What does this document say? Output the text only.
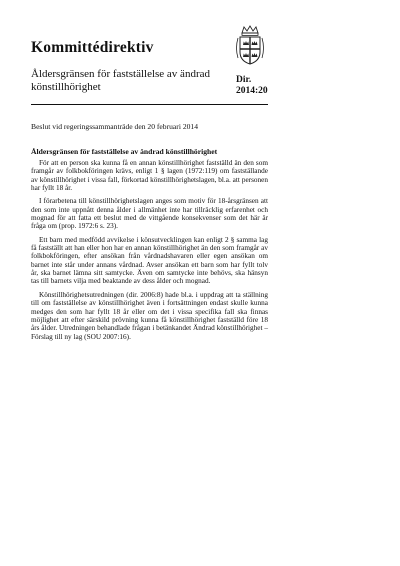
Kommittédirektiv
Åldersgränsen för fastställelse av ändrad
könstillhörighet
Dir.
2014:20
Beslut vid regeringssammanträde den 20 februari 2014
Åldersgränsen för fastställelse av ändrad könstillhörighet

För att en person ska kunna få en annan könstillhörighet fastställd än den som framgår av folkbokföringen krävs, enligt 1 § lagen (1972:119) om fastställande av könstillhörighet i vissa fall, förkortad könstillhörighetslagen, bl.a. att personen har fyllt 18 år.

I förarbetena till könstillhörighetslagen anges som motiv för 18-årsgränsen att den som inte uppnått denna ålder i allmänhet inte har tillräcklig erfarenhet och mognad för att fatta ett beslut med de vittgående konsekvenser som det här är fråga om (prop. 1972:6 s. 23).

Ett barn med medfödd avvikelse i könsutvecklingen kan enligt 2 § samma lag få fastställt att han eller hon har en annan könstillhörighet än den som framgår av folkbokföringen, efter ansökan från vårdnadshavaren eller egen ansökan om barnet inte står under annans vårdnad. Avser ansökan ett barn som har fyllt tolv år, ska barnet lämna sitt samtycke. Även om samtycke inte behövs, ska hänsyn tas till barnets vilja med beaktande av dess ålder och mognad.

Könstillhörighetsutredningen (dir. 2006:8) hade bl.a. i uppdrag att ta ställning till om fastställelse av könstillhörighet även i fortsättningen endast skulle kunna medges den som har fyllt 18 år eller om det i vissa specifika fall ska finnas möjlighet att efter särskild prövning kunna få könstillhörighet fastställd före 18 års ålder. Utredningen behandlade frågan i betänkandet Ändrad könstillhörighet – Förslag till ny lag (SOU 2007:16).
